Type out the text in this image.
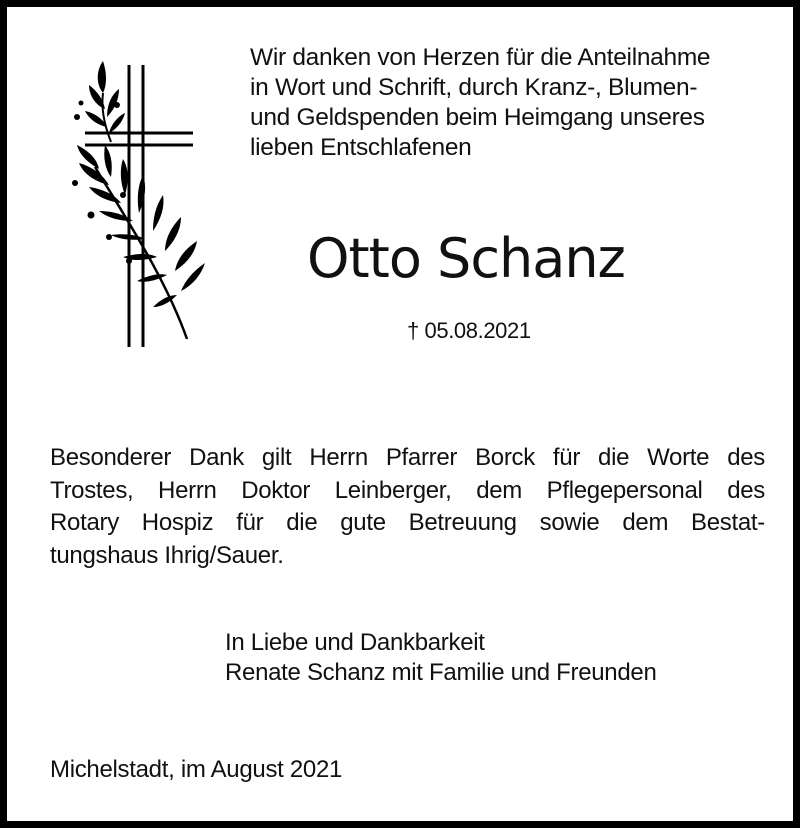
Wir danken von Herzen für die Anteilnahme
in Wort und Schrift, durch Kranz-, Blumen-
und Geldspenden beim Heimgang unseres
lieben Entschlafenen

Otto Schanz

† 05.08.2021

Besonderer Dank gilt Herrn Pfarrer Borck für die Worte des
Trostes, Herrn Doktor Leinberger, dem Pflegepersonal des
Rotary Hospiz für die gute Betreuung sowie dem Bestat-
tungshaus Ihrig/Sauer.

In Liebe und Dankbarkeit
Renate Schanz mit Familie und Freunden

Michelstadt, im August 2021
